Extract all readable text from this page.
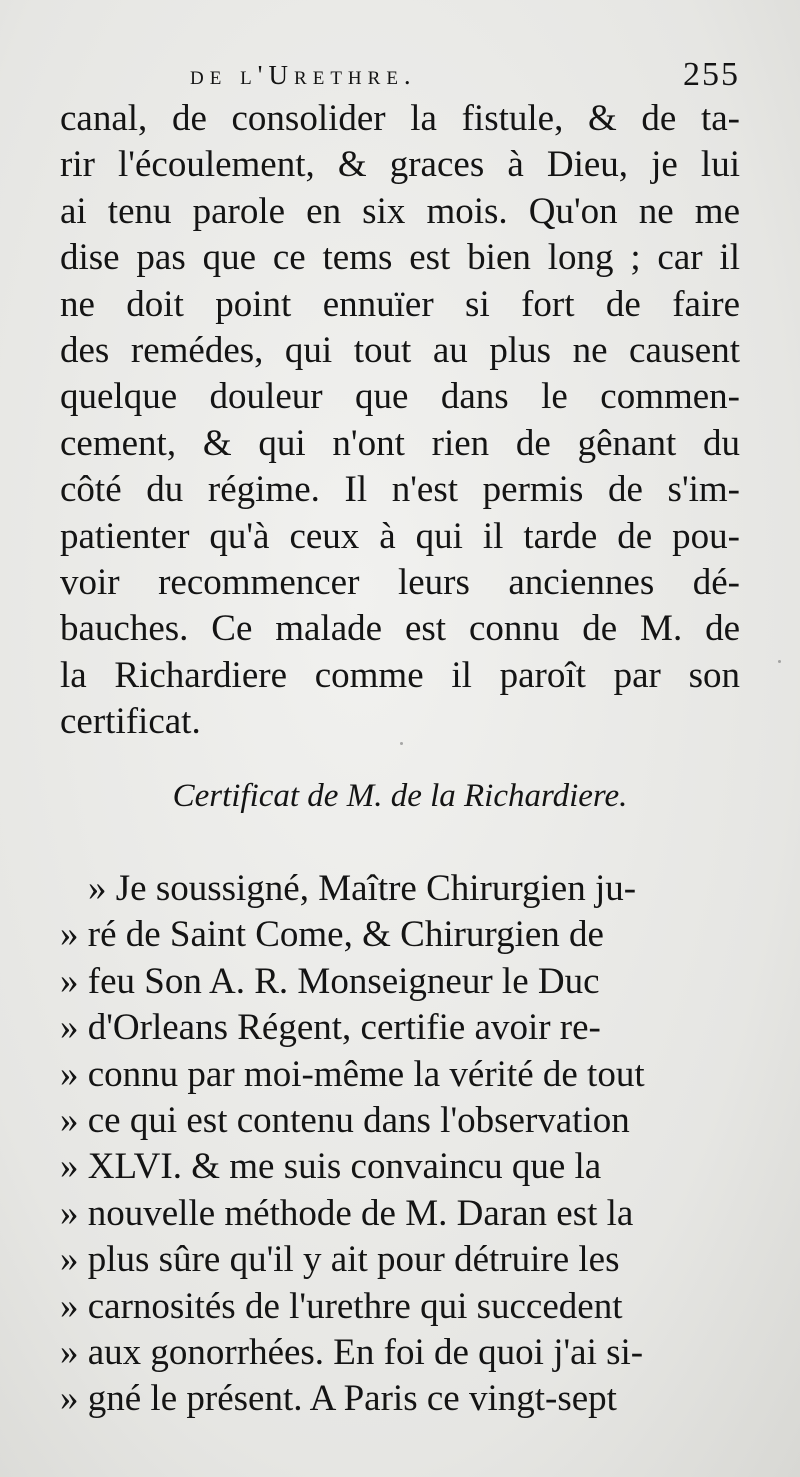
de l'Urethre.	255
canal, de consolider la fistule, & de ta-
rir l'écoulement, & graces à Dieu, je lui
ai tenu parole en six mois. Qu'on ne me
dise pas que ce tems est bien long ; car il
ne doit point ennuïer si fort de faire
des remédes, qui tout au plus ne causent
quelque douleur que dans le commen-
cement, & qui n'ont rien de gênant du
côté du régime. Il n'est permis de s'im-
patienter qu'à ceux à qui il tarde de pou-
voir recommencer leurs anciennes dé-
bauches. Ce malade est connu de M. de
la Richardiere comme il paroît par son
certificat.
Certificat de M. de la Richardiere.
» Je soussigné, Maître Chirurgien ju-
» ré de Saint Come, & Chirurgien de
» feu Son A. R. Monseigneur le Duc
» d'Orleans Régent, certifie avoir re-
» connu par moi-même la vérité de tout
» ce qui est contenu dans l'observation
» XLVI. & me suis convaincu que la
» nouvelle méthode de M. Daran est la
» plus sûre qu'il y ait pour détruire les
» carnosités de l'urethre qui succedent
» aux gonorrhées. En foi de quoi j'ai si-
» gné le présent. A Paris ce vingt-sept
